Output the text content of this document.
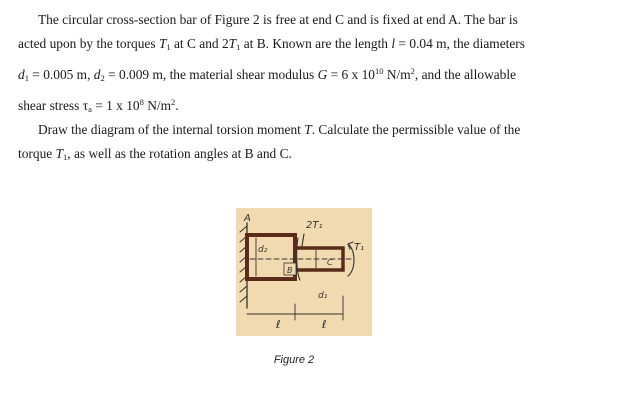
The circular cross-section bar of Figure 2 is free at end C and is fixed at end A. The bar is
acted upon by the torques $T_1$ at C and $2T_1$ at B. Known are the length l = 0.04 m, the diameters
$d_1 = 0.005$ m, $d_2 = 0.009$ m, the material shear modulus G = 6 x $10^{10}$ $N/m^2$, and the allowable
shear stress $\tau_a = 1$ x $10^8$ $N/m^2$.
Draw the diagram of the internal torsion moment T. Calculate the permissible value of the
torque $T_1$, as well as the rotation angles at B and C.
A
B
C
d₂
d₁
2T₁
T₁
ℓ	ℓ
Figure 2
